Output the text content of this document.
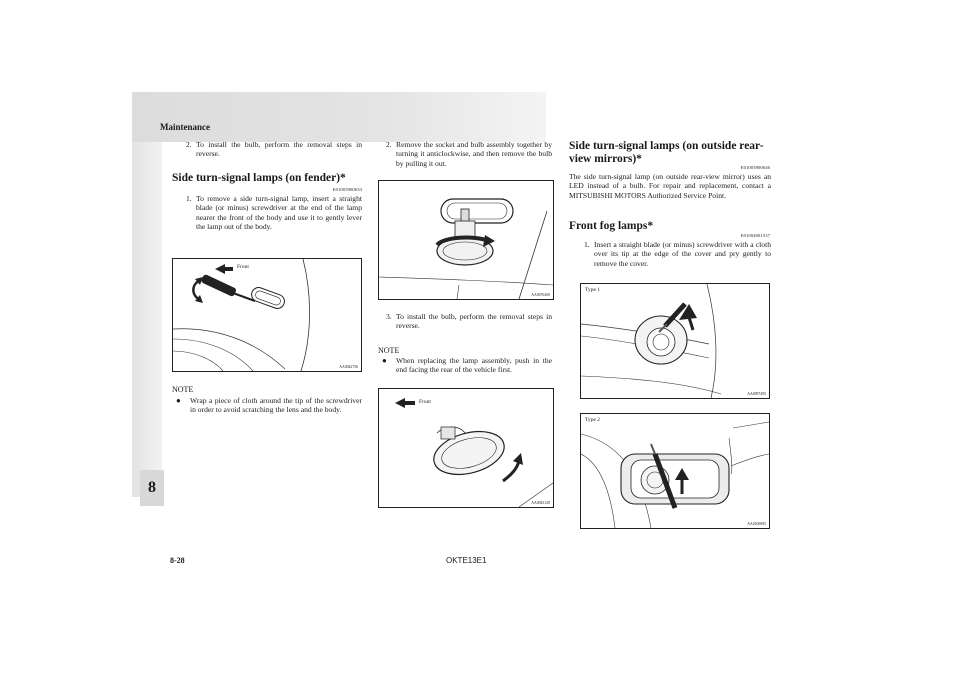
Maintenance
8
2. To install the bulb, perform the removal steps in reverse.
Side turn-signal lamps (on fender)*
E01003900633
1. To remove a side turn-signal lamp, insert a straight blade (or minus) screwdriver at the end of the lamp nearer the front of the body and use it to gently lever the lamp out of the body.
Front
AA0042756
NOTE
●	Wrap a piece of cloth around the tip of the screwdriver in order to avoid scratching the lens and the body.
2. Remove the socket and bulb assembly together by turning it anticlockwise, and then remove the bulb by pulling it out.
AA0070260
3. To install the bulb, perform the removal steps in reverse.
NOTE
●	When replacing the lamp assembly, push in the end facing the rear of the vehicle first.
Front
AA0043128
Side turn-signal lamps (on outside rear-view mirrors)*
E01003900646
The side turn-signal lamp (on outside rear-view mirror) uses an LED instead of a bulb. For repair and replacement, contact a MITSUBISHI MOTORS Authorized Service Point.
Front fog lamps*
E01004001537
1. Insert a straight blade (or minus) screwdriver with a cloth over its tip at the edge of the cover and pry gently to remove the cover.
Type 1
AA0097495
Type 2
AA0100085
8-28	OKTE13E1
